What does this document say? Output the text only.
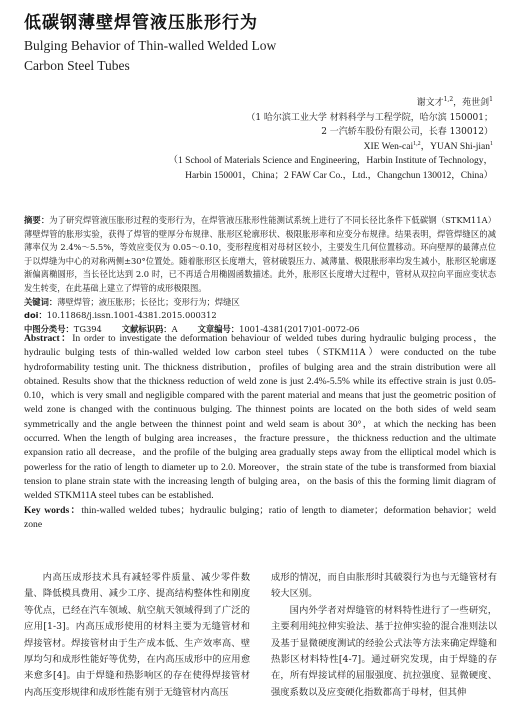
低碳钢薄壁焊管液压胀形行为
Bulging Behavior of Thin-walled Welded Low
Carbon Steel Tubes
谢文才$^{1,2}$，苑世剑$^1$
（1 哈尔滨工业大学 材料科学与工程学院，哈尔滨 150001；
2 一汽轿车股份有限公司，长春 130012）
XIE Wen-cai$^{1,2}$，YUAN Shi-jian$^1$
（1 School of Materials Science and Engineering，Harbin Institute of Technology，
Harbin 150001，China；2 FAW Car Co.，Ltd.，Changchun 130012，China）
摘要：为了研究焊管液压胀形过程的变形行为，在焊管液压胀形性能测试系统上进行了不同长径比条件下低碳钢（STKM11A）薄壁焊管的胀形实验，获得了焊管的壁厚分布规律、胀形区轮廓形状、极限胀形率和应变分布规律。结果表明，焊管焊缝区的减薄率仅为 2.4%～5.5%，等效应变仅为 0.05～0.10，变形程度相对母材区较小，主要发生几何位置移动。环向壁厚的最薄点位于以焊缝为中心的对称两侧±30°位置处。随着胀形区长度增大，管材破裂压力、减薄量、极限胀形率均发生减小，胀形区轮廓逐渐偏离椭圆形，当长径比达到 2.0 时，已不再适合用椭圆函数描述。此外，胀形区长度增大过程中，管材从双拉向平面应变状态发生转变，在此基础上建立了焊管的成形极限图。
关键词：薄壁焊管；液压胀形；长径比；变形行为；焊缝区
doi：10.11868/j.issn.1001-4381.2015.000312
中图分类号：TG394 文献标识码：A 文章编号：1001-4381(2017)01-0072-06
Abstract：In order to investigate the deformation behaviour of welded tubes during hydraulic bulging process，the hydraulic bulging tests of thin-walled welded low carbon steel tubes（STKM11A）were conducted on the tube hydroformability testing unit. The thickness distribution，profiles of bulging area and the strain distribution were all obtained. Results show that the thickness reduction of weld zone is just 2.4%-5.5% while its effective strain is just 0.05-0.10，which is very small and negligible compared with the parent material and means that just the geometric position of weld zone is changed with the continuous bulging. The thinnest points are located on the both sides of weld seam symmetrically and the angle between the thinnest point and weld seam is about 30°，at which the necking has been occurred. When the length of bulging area increases，the fracture pressure，the thickness reduction and the ultimate expansion ratio all decrease，and the profile of the bulging area gradually steps away from the elliptical model which is powerless for the ratio of length to diameter up to 2.0. Moreover，the strain state of the tube is transformed from biaxial tension to plane strain state with the increasing length of bulging area，on the basis of this the forming limit diagram of welded STKM11A steel tubes can be established.
Key words：thin-walled welded tubes；hydraulic bulging；ratio of length to diameter；deformation behavior；weld zone
内高压成形技术具有减轻零件质量、减少零件数量、降低模具费用、减少工序、提高结构整体性和刚度等优点，已经在汽车领域、航空航天领域得到了广泛的应用[1-3]。内高压成形使用的材料主要为无缝管材和焊接管材。焊接管材由于生产成本低、生产效率高、壁厚均匀和成形性能好等优势，在内高压成形中的应用愈来愈多[4]。由于焊缝和热影响区的存在使得焊接管材内高压变形规律和成形性能有别于无缝管材内高压
成形的情况，而自由胀形时其破裂行为也与无缝管材有较大区别。
国内外学者对焊缝管的材料特性进行了一些研究，主要利用纯拉伸实验法、基于拉伸实验的混合准则法以及基于显微硬度测试的经验公式法等方法来确定焊缝和热影区材料特性[4-7]。通过研究发现，由于焊缝的存在，所有焊接试样的屈服强度、抗拉强度、显微硬度、强度系数以及应变硬化指数都高于母材，但其伸
